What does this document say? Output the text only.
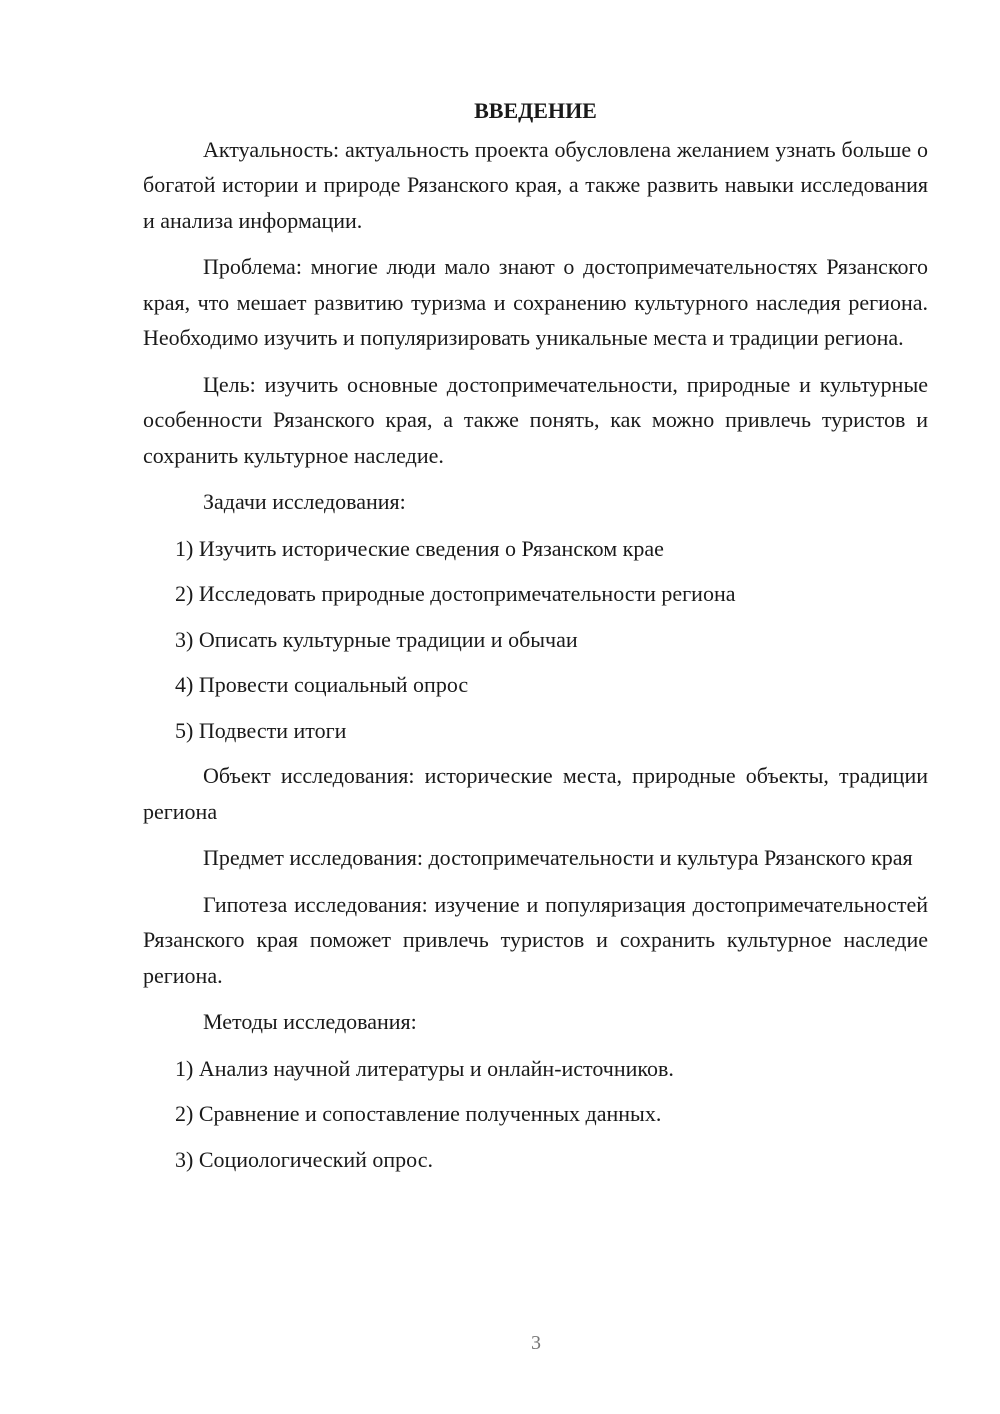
ВВЕДЕНИЕ

Актуальность: актуальность проекта обусловлена желанием узнать больше о богатой истории и природе Рязанского края, а также развить навыки исследования и анализа информации.

Проблема: многие люди мало знают о достопримечательностях Рязанского края, что мешает развитию туризма и сохранению культурного наследия региона. Необходимо изучить и популяризировать уникальные места и традиции региона.

Цель: изучить основные достопримечательности, природные и культурные особенности Рязанского края, а также понять, как можно привлечь туристов и сохранить культурное наследие.

Задачи исследования:

1) Изучить исторические сведения о Рязанском крае

2) Исследовать природные достопримечательности региона

3) Описать культурные традиции и обычаи

4) Провести социальный опрос

5) Подвести итоги

Объект исследования: исторические места, природные объекты, традиции региона

Предмет исследования: достопримечательности и культура Рязанского края

Гипотеза исследования: изучение и популяризация достопримечательностей Рязанского края поможет привлечь туристов и сохранить культурное наследие региона.

Методы исследования:

1) Анализ научной литературы и онлайн-источников.

2) Сравнение и сопоставление полученных данных.

3) Социологический опрос.

3
